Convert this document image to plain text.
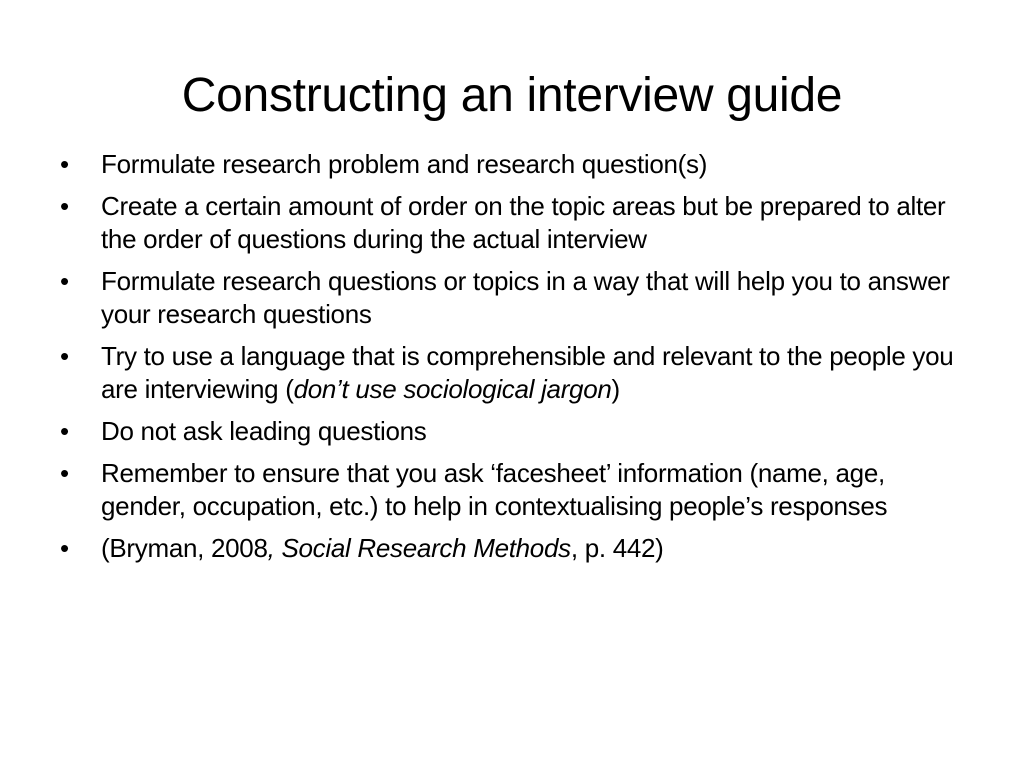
Constructing an interview guide
•	Formulate research problem and research question(s)
•	Create a certain amount of order on the topic areas but be prepared to alter the order of questions during the actual interview
•	Formulate research questions or topics in a way that will help you to answer your research questions
•	Try to use a language that is comprehensible and relevant to the people you are interviewing (don’t use sociological jargon)
•	Do not ask leading questions
•	Remember to ensure that you ask ‘facesheet’ information (name, age, gender, occupation, etc.) to help in contextualising people’s responses
•	(Bryman, 2008, Social Research Methods, p. 442)
